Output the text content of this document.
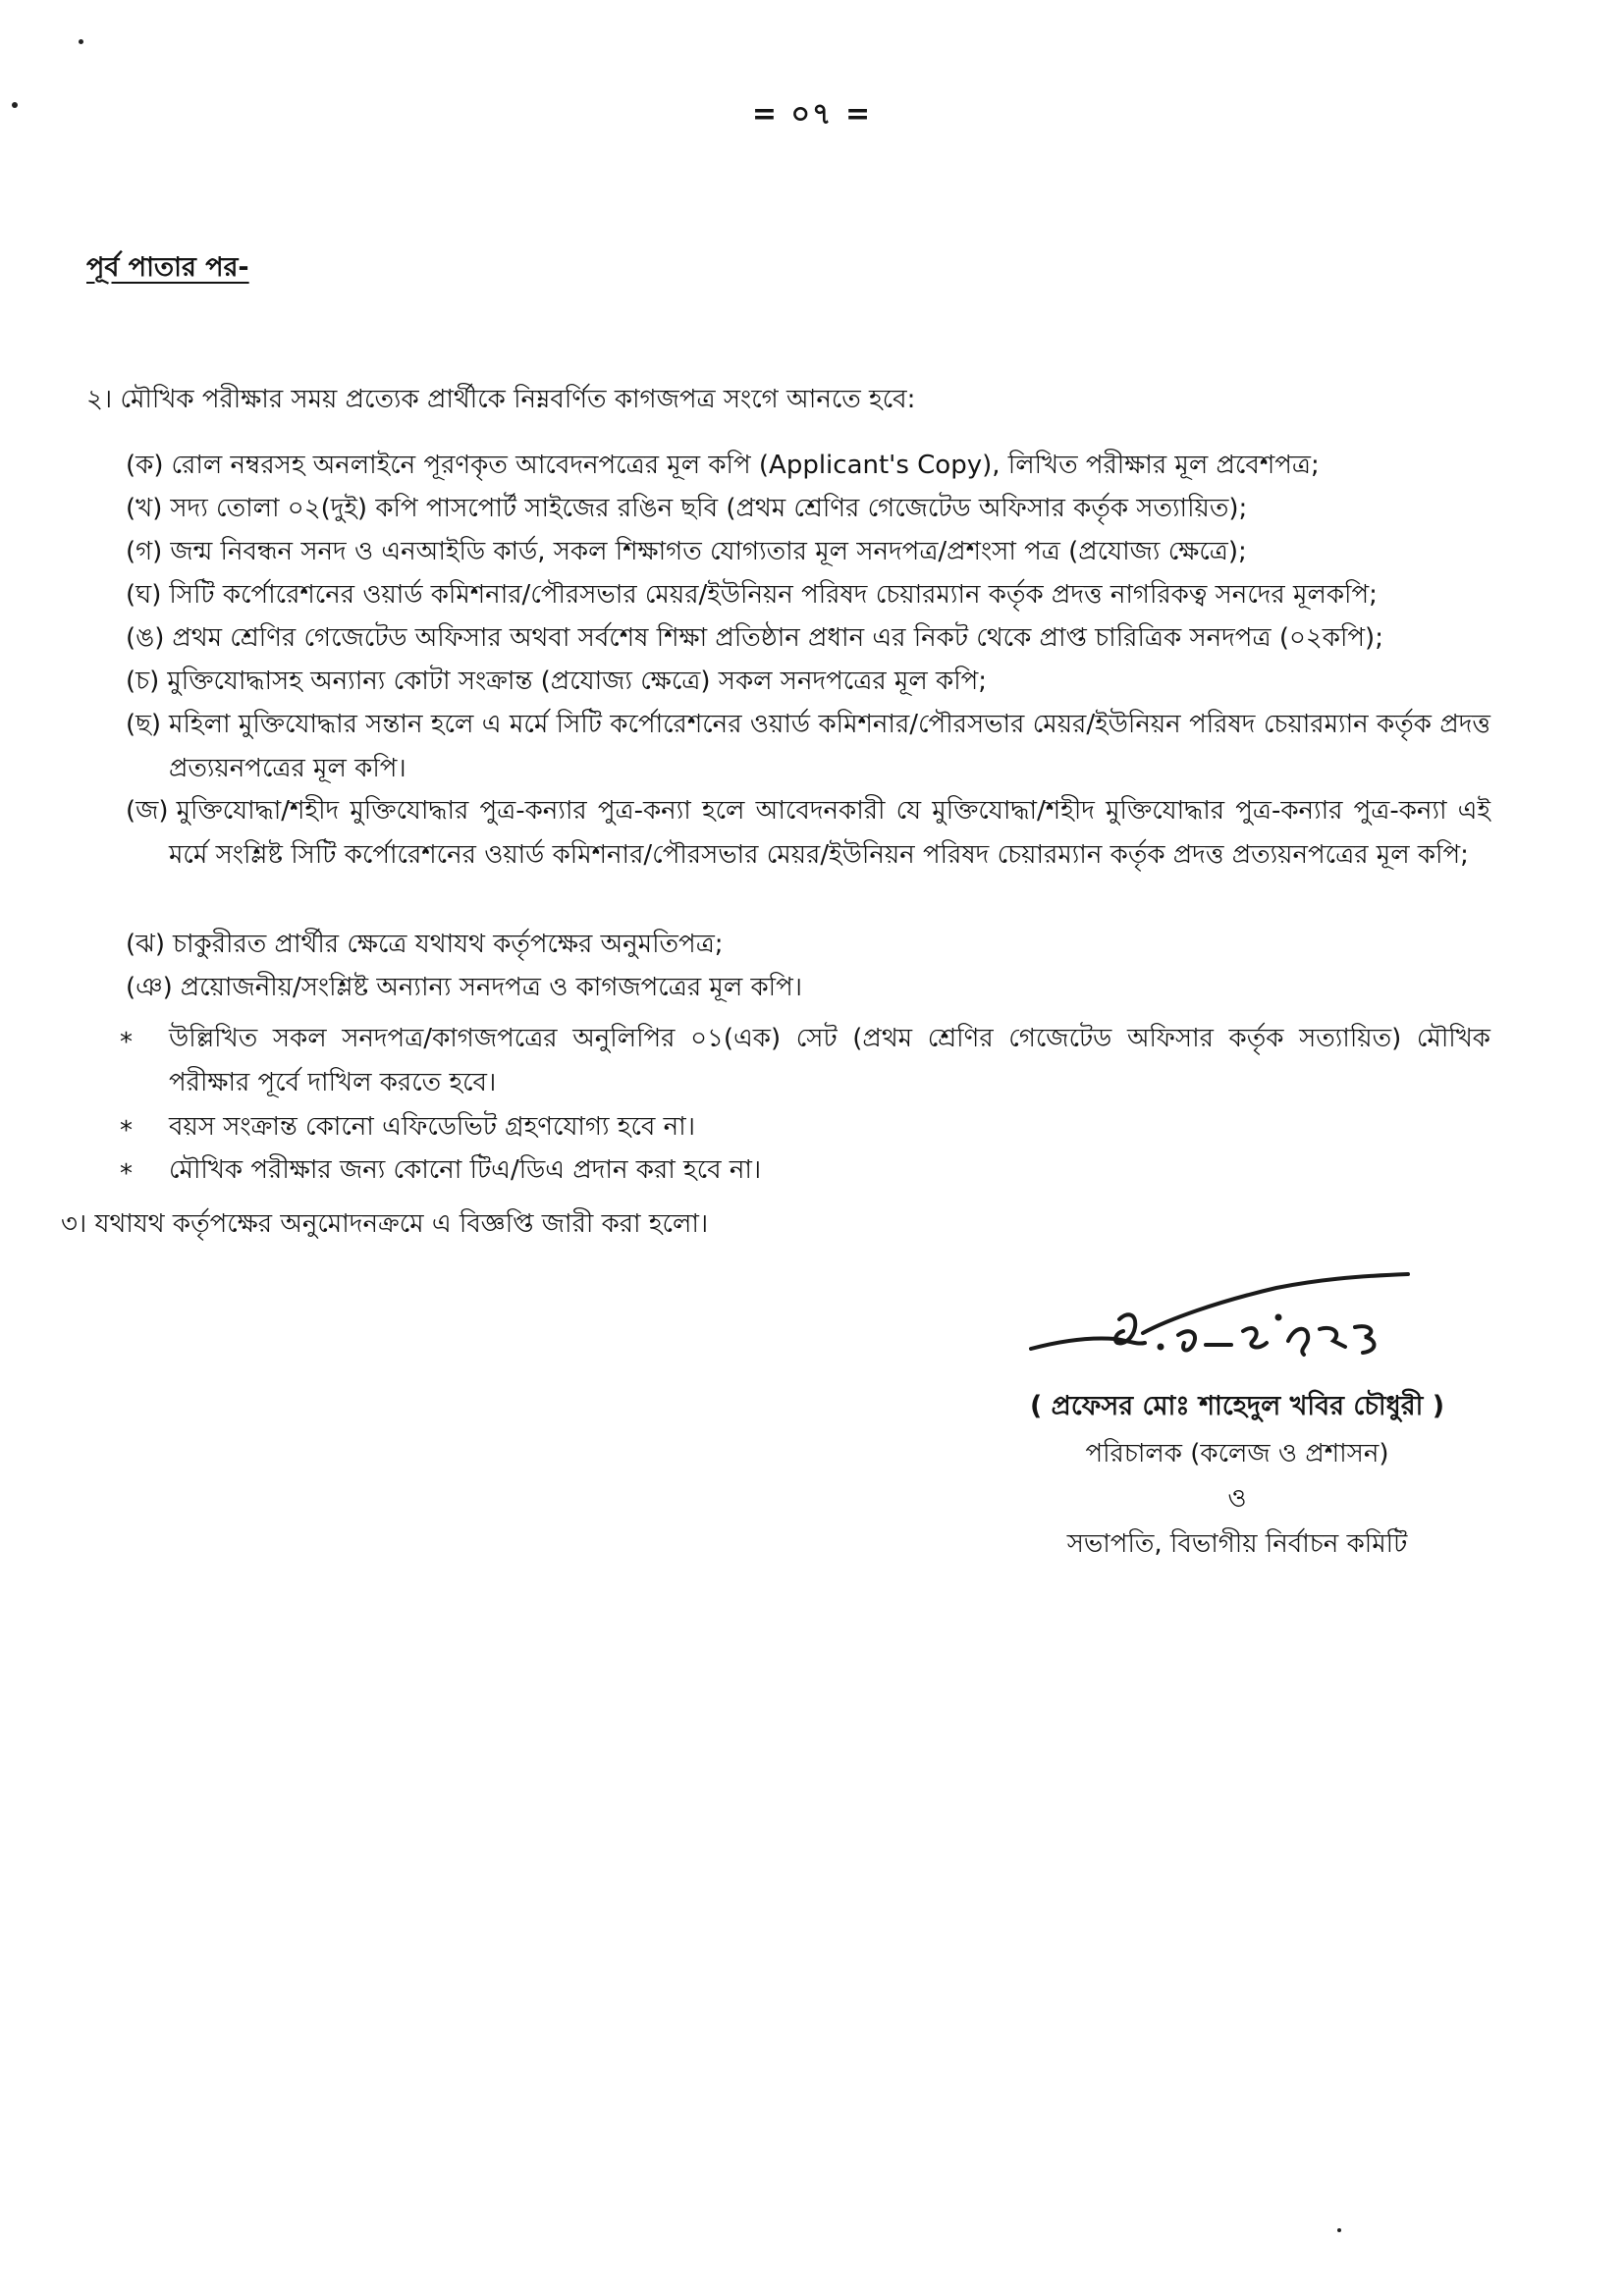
= ০৭ =
পূর্ব পাতার পর-
২। মৌখিক পরীক্ষার সময় প্রত্যেক প্রার্থীকে নিম্নবর্ণিত কাগজপত্র সংগে আনতে হবে:
(ক) রোল নম্বরসহ অনলাইনে পূরণকৃত আবেদনপত্রের মূল কপি (Applicant's Copy), লিখিত পরীক্ষার মূল প্রবেশপত্র;
(খ) সদ্য তোলা ০২(দুই) কপি পাসপোর্ট সাইজের রঙিন ছবি (প্রথম শ্রেণির গেজেটেড অফিসার কর্তৃক সত্যায়িত);
(গ) জন্ম নিবন্ধন সনদ ও এনআইডি কার্ড, সকল শিক্ষাগত যোগ্যতার মূল সনদপত্র/প্রশংসা পত্র (প্রযোজ্য ক্ষেত্রে);
(ঘ) সিটি কর্পোরেশনের ওয়ার্ড কমিশনার/পৌরসভার মেয়র/ইউনিয়ন পরিষদ চেয়ারম্যান কর্তৃক প্রদত্ত নাগরিকত্ব সনদের মূলকপি;
(ঙ) প্রথম শ্রেণির গেজেটেড অফিসার অথবা সর্বশেষ শিক্ষা প্রতিষ্ঠান প্রধান এর নিকট থেকে প্রাপ্ত চারিত্রিক সনদপত্র (০২কপি);
(চ) মুক্তিযোদ্ধাসহ অন্যান্য কোটা সংক্রান্ত (প্রযোজ্য ক্ষেত্রে) সকল সনদপত্রের মূল কপি;
(ছ) মহিলা মুক্তিযোদ্ধার সন্তান হলে এ মর্মে সিটি কর্পোরেশনের ওয়ার্ড কমিশনার/পৌরসভার মেয়র/ইউনিয়ন পরিষদ চেয়ারম্যান কর্তৃক প্রদত্ত প্রত্যয়নপত্রের মূল কপি।
(জ) মুক্তিযোদ্ধা/শহীদ মুক্তিযোদ্ধার পুত্র-কন্যার পুত্র-কন্যা হলে আবেদনকারী যে মুক্তিযোদ্ধা/শহীদ মুক্তিযোদ্ধার পুত্র-কন্যার পুত্র-কন্যা এই মর্মে সংশ্লিষ্ট সিটি কর্পোরেশনের ওয়ার্ড কমিশনার/পৌরসভার মেয়র/ইউনিয়ন পরিষদ চেয়ারম্যান কর্তৃক প্রদত্ত প্রত্যয়নপত্রের মূল কপি;
(ঝ) চাকুরীরত প্রার্থীর ক্ষেত্রে যথাযথ কর্তৃপক্ষের অনুমতিপত্র;
(ঞ) প্রয়োজনীয়/সংশ্লিষ্ট অন্যান্য সনদপত্র ও কাগজপত্রের মূল কপি।
* উল্লিখিত সকল সনদপত্র/কাগজপত্রের অনুলিপির ০১(এক) সেট (প্রথম শ্রেণির গেজেটেড অফিসার কর্তৃক সত্যায়িত) মৌখিক পরীক্ষার পূর্বে দাখিল করতে হবে।
* বয়স সংক্রান্ত কোনো এফিডেভিট গ্রহণযোগ্য হবে না।
* মৌখিক পরীক্ষার জন্য কোনো টিএ/ডিএ প্রদান করা হবে না।
৩। যথাযথ কর্তৃপক্ষের অনুমোদনক্রমে এ বিজ্ঞপ্তি জারী করা হলো।
( প্রফেসর মোঃ শাহেদুল খবির চৌধুরী )
পরিচালক (কলেজ ও প্রশাসন)
ও
সভাপতি, বিভাগীয় নির্বাচন কমিটি
